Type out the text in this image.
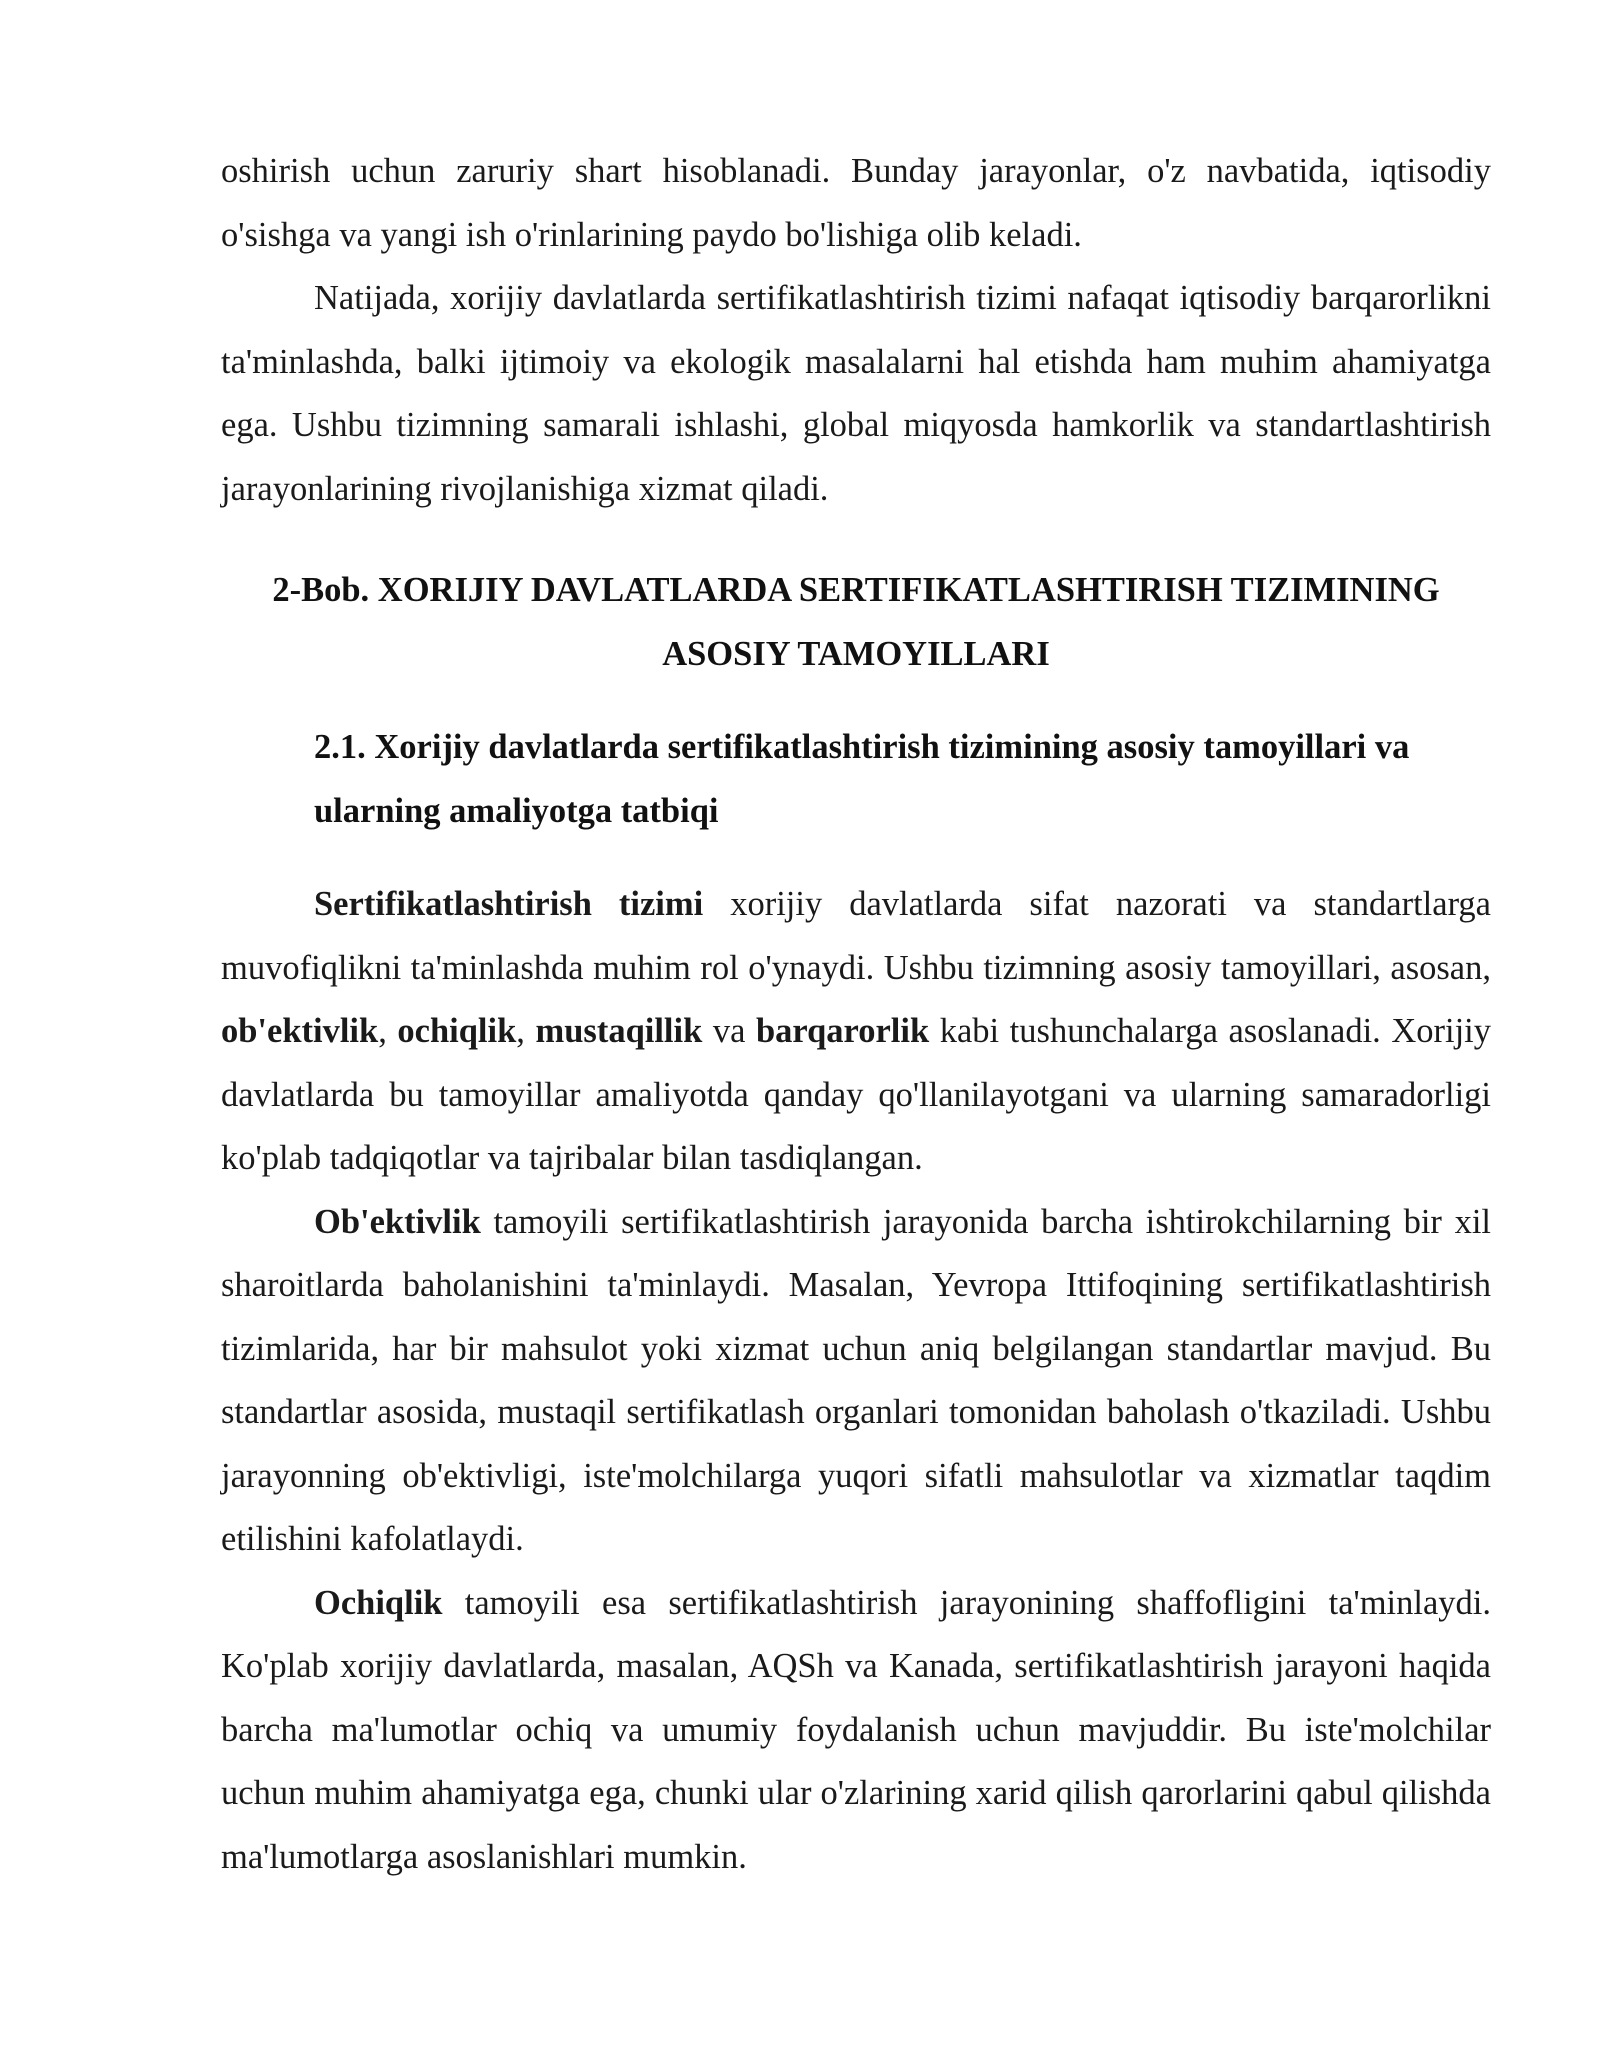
oshirish uchun zaruriy shart hisoblanadi. Bunday jarayonlar, o'z navbatida, iqtisodiy o'sishga va yangi ish o'rinlarining paydo bo'lishiga olib keladi.

Natijada, xorijiy davlatlarda sertifikatlashtirish tizimi nafaqat iqtisodiy barqarorlikni ta'minlashda, balki ijtimoiy va ekologik masalalarni hal etishda ham muhim ahamiyatga ega. Ushbu tizimning samarali ishlashi, global miqyosda hamkorlik va standartlashtirish jarayonlarining rivojlanishiga xizmat qiladi.

2-Bob. XORIJIY DAVLATLARDA SERTIFIKATLASHTIRISH TIZIMINING
ASOSIY TAMOYILLARI
2.1. Xorijiy davlatlarda sertifikatlashtirish tizimining asosiy tamoyillari va ularning amaliyotga tatbiqi

Sertifikatlashtirish tizimi xorijiy davlatlarda sifat nazorati va standartlarga muvofiqlikni ta'minlashda muhim rol o'ynaydi. Ushbu tizimning asosiy tamoyillari, asosan, ob'ektivlik, ochiqlik, mustaqillik va barqarorlik kabi tushunchalarga asoslanadi. Xorijiy davlatlarda bu tamoyillar amaliyotda qanday qo'llanilayotgani va ularning samaradorligi ko'plab tadqiqotlar va tajribalar bilan tasdiqlangan.

Ob'ektivlik tamoyili sertifikatlashtirish jarayonida barcha ishtirokchilarning bir xil sharoitlarda baholanishini ta'minlaydi. Masalan, Yevropa Ittifoqining sertifikatlashtirish tizimlarida, har bir mahsulot yoki xizmat uchun aniq belgilangan standartlar mavjud. Bu standartlar asosida, mustaqil sertifikatlash organlari tomonidan baholash o'tkaziladi. Ushbu jarayonning ob'ektivligi, iste'molchilarga yuqori sifatli mahsulotlar va xizmatlar taqdim etilishini kafolatlaydi.

Ochiqlik tamoyili esa sertifikatlashtirish jarayonining shaffofligini ta'minlaydi. Ko'plab xorijiy davlatlarda, masalan, AQSh va Kanada, sertifikatlashtirish jarayoni haqida barcha ma'lumotlar ochiq va umumiy foydalanish uchun mavjuddir. Bu iste'molchilar uchun muhim ahamiyatga ega, chunki ular o'zlarining xarid qilish qarorlarini qabul qilishda ma'lumotlarga asoslanishlari mumkin.
